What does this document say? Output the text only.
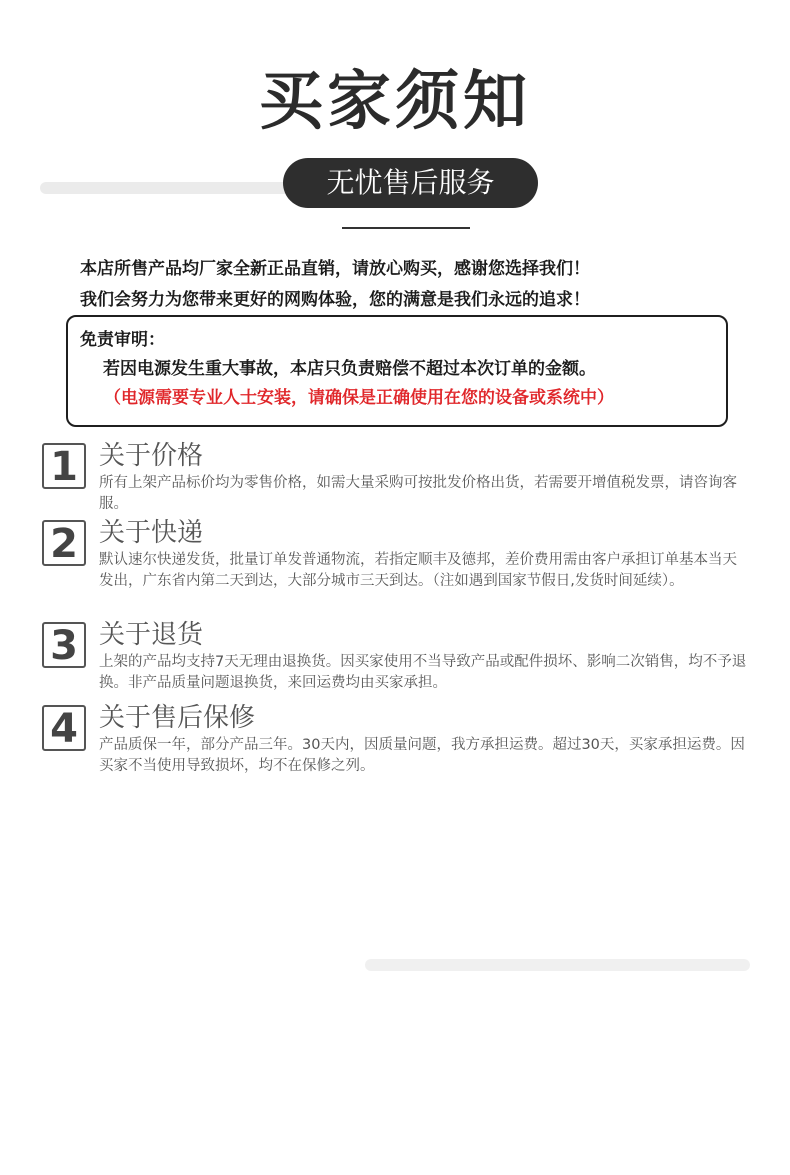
买家须知
无忧售后服务
本店所售产品均厂家全新正品直销，请放心购买，感谢您选择我们！
我们会努力为您带来更好的网购体验，您的满意是我们永远的追求！
免责审明：
若因电源发生重大事故，本店只负责赔偿不超过本次订单的金额。
（电源需要专业人士安装，请确保是正确使用在您的设备或系统中）
1 关于价格
所有上架产品标价均为零售价格，如需大量采购可按批发价格出货，若需要开增值税发票，请咨询客服。
2 关于快递
默认速尔快递发货，批量订单发普通物流，若指定顺丰及德邦，差价费用需由客户承担订单基本当天发出，广东省内第二天到达，大部分城市三天到达。（注如遇到国家节假日,发货时间延续）。
3 关于退货
上架的产品均支持7天无理由退换货。因买家使用不当导致产品或配件损坏、影响二次销售，均不予退换。非产品质量问题退换货，来回运费均由买家承担。
4 关于售后保修
产品质保一年，部分产品三年。30天内，因质量问题，我方承担运费。超过30天，买家承担运费。因买家不当使用导致损坏，均不在保修之列。
